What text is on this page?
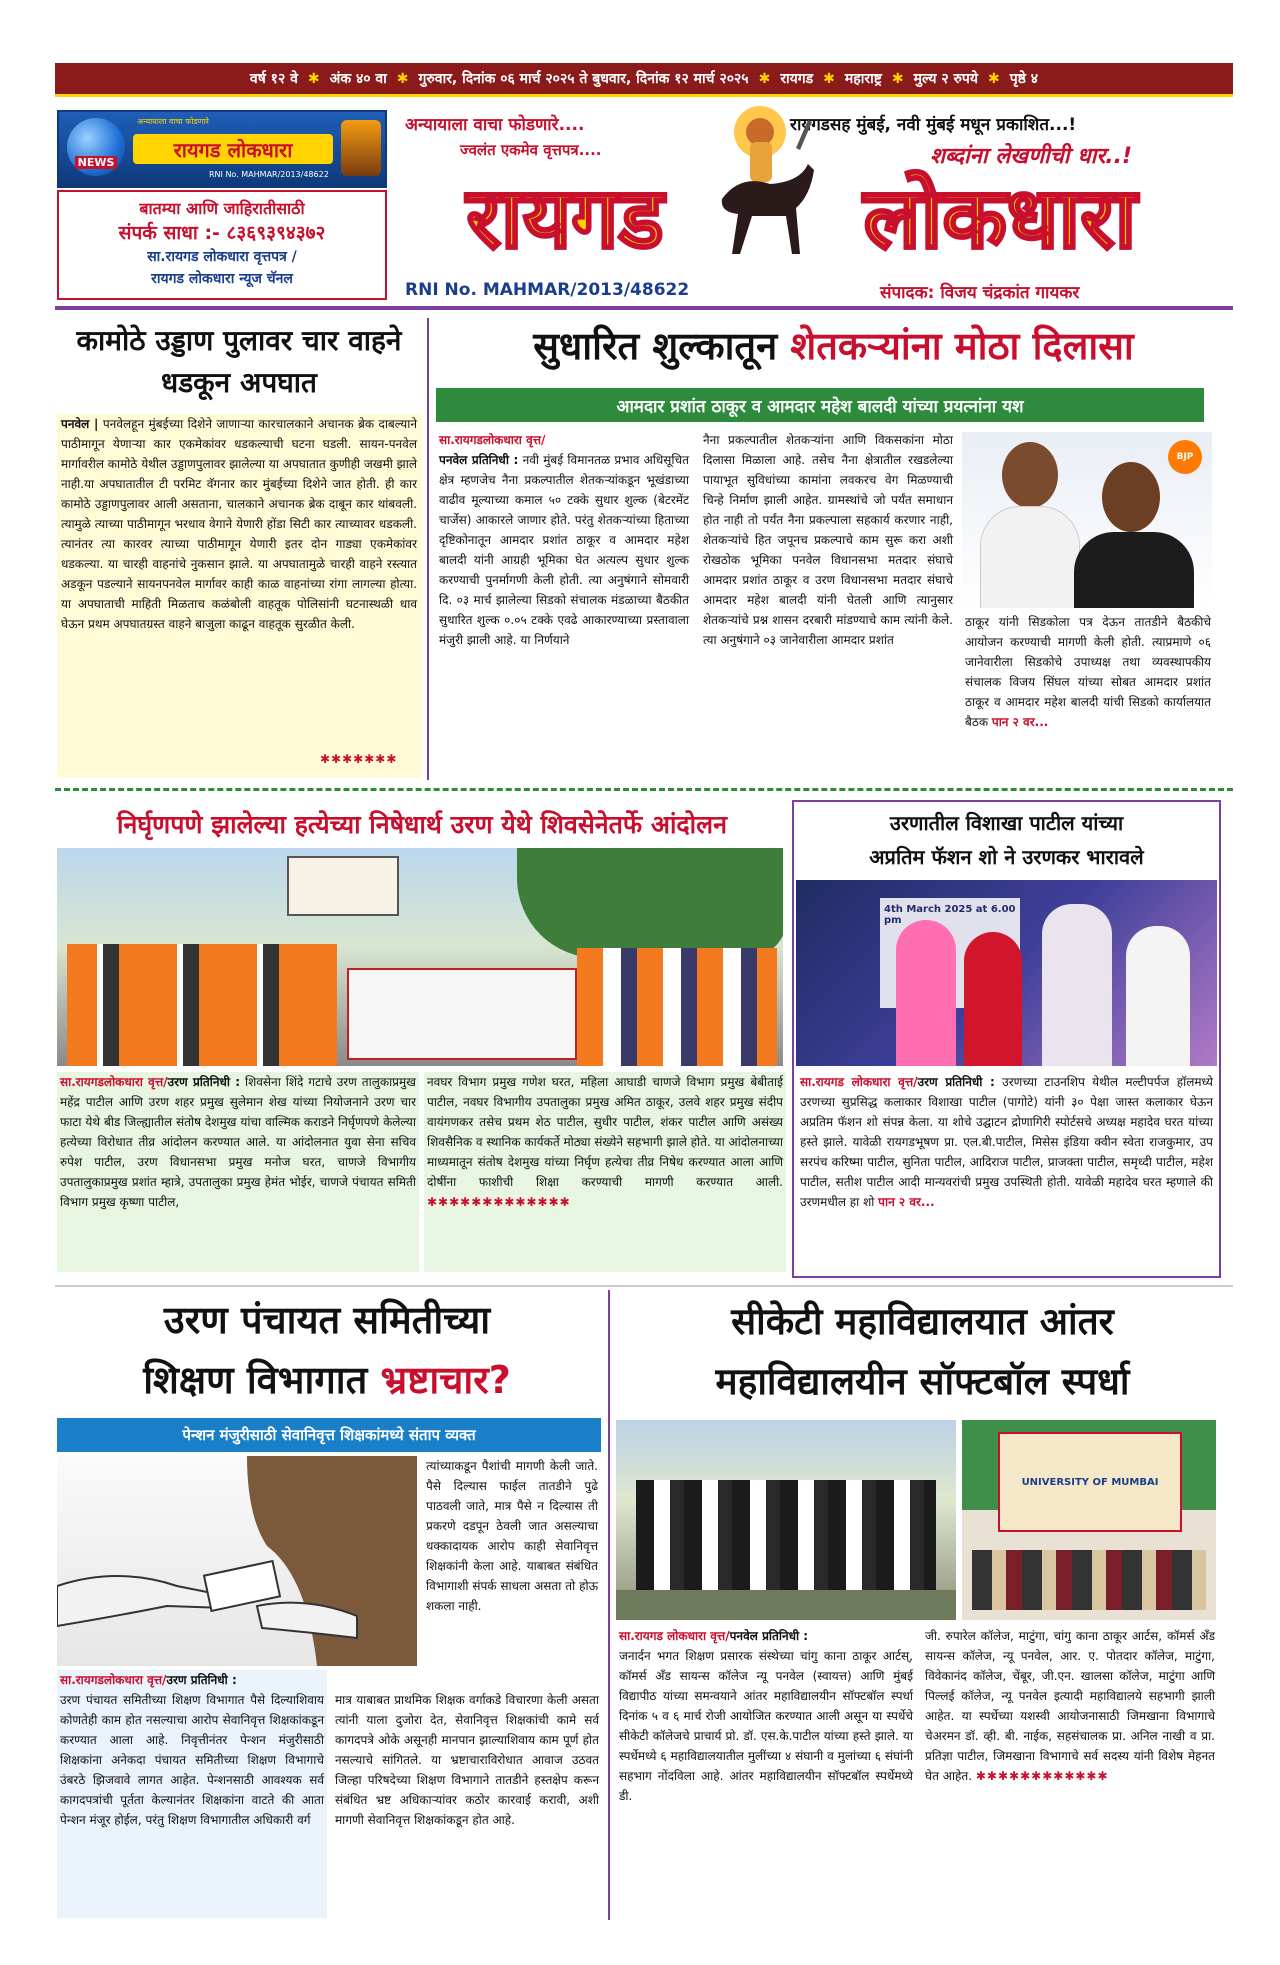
वर्ष १२ वे ✱ अंक ४० वा ✱ गुरुवार, दिनांक ०६ मार्च २०२५ ते बुधवार, दिनांक १२ मार्च २०२५ ✱ रायगड ✱ महाराष्ट्र ✱ मुल्य २ रुपये ✱ पृष्ठे ४
NEWS
अन्यायाला वाचा फोडणारे
रायगड लोकधारा
RNI No. MAHMAR/2013/48622
बातम्या आणि जाहिरातीसाठी
संपर्क साधा :- ८३६९३९४३७२
सा.रायगड लोकधारा वृत्तपत्र /
रायगड लोकधारा न्यूज चॅनल
अन्यायाला वाचा फोडणारे....
ज्वलंत एकमेव वृत्तपत्र....
रायगडसह मुंबई, नवी मुंबई मधून प्रकाशित...!
शब्दांना लेखणीची धार..!
रायगड	लोकधारा
RNI No. MAHMAR/2013/48622	संपादक: विजय चंद्रकांत गायकर
कामोठे उड्डाण पुलावर चार वाहने धडकून अपघात
पनवेल | पनवेलहून मुंबईच्या दिशेने जाणाऱ्या कारचालकाने अचानक ब्रेक दाबल्याने पाठीमागून येणाऱ्या कार एकमेकांवर धडकल्याची घटना घडली. सायन-पनवेल मार्गावरील कामोठे येथील उड्डाणपुलावर झालेल्या या अपघातात कुणीही जखमी झाले नाही.या अपघातातील टी परमिट वॅगनार कार मुंबईच्या दिशेने जात होती. ही कार कामोठे उड्डाणपुलावर आली असताना, चालकाने अचानक ब्रेक दाबून कार थांबवली. त्यामुळे त्याच्या पाठीमागून भरधाव वेगाने येणारी होंडा सिटी कार त्याच्यावर धडकली. त्यानंतर त्या कारवर त्याच्या पाठीमागून येणारी इतर दोन गाड्या एकमेकांवर धडकल्या. या चारही वाहनांचे नुकसान झाले. या अपघातामुळे चारही वाहने रस्त्यात अडकून पडल्याने सायनपनवेल मार्गावर काही काळ वाहनांच्या रांगा लागल्या होत्या. या अपघाताची माहिती मिळताच कळंबोली वाहतूक पोलिसांनी घटनास्थळी धाव घेऊन प्रथम अपघातग्रस्त वाहने बाजुला काढून वाहतूक सुरळीत केली.
✱✱✱✱✱✱✱
सुधारित शुल्कातून शेतकऱ्यांना मोठा दिलासा
आमदार प्रशांत ठाकूर व आमदार महेश बालदी यांच्या प्रयत्नांना यश
सा.रायगडलोकधारा वृत्त/
पनवेल प्रतिनिधी : नवी मुंबई विमानतळ प्रभाव अधिसूचित क्षेत्र म्हणजेच नैना प्रकल्पातील शेतकऱ्यांकडून भूखंडाच्या वाढीव मूल्याच्या कमाल ५० टक्के सुधार शुल्क (बेटरमेंट चार्जेस) आकारले जाणार होते. परंतु शेतकऱ्यांच्या हिताच्या दृष्टिकोनातून आमदार प्रशांत ठाकूर व आमदार महेश बालदी यांनी आग्रही भूमिका घेत अत्यल्प सुधार शुल्क करण्याची पुनर्मागणी केली होती. त्या अनुषंगाने सोमवारी दि. ०३ मार्च झालेल्या सिडको संचालक मंडळाच्या बैठकीत सुधारित शुल्क ०.०५ टक्के एवढे आकारण्याच्या प्रस्तावाला मंजुरी झाली आहे. या निर्णयाने
नैना प्रकल्पातील शेतकऱ्यांना आणि विकसकांना मोठा दिलासा मिळाला आहे. तसेच नैना क्षेत्रातील रखडलेल्या पायाभूत सुविधांच्या कामांना लवकरच वेग मिळण्याची चिन्हे निर्माण झाली आहेत. ग्रामस्थांचे जो पर्यंत समाधान होत नाही तो पर्यंत नैना प्रकल्पाला सहकार्य करणार नाही, शेतकऱ्यांचे हित जपूनच प्रकल्पाचे काम सुरू करा अशी रोखठोक भूमिका पनवेल विधानसभा मतदार संघाचे आमदार प्रशांत ठाकूर व उरण विधानसभा मतदार संघाचे आमदार महेश बालदी यांनी घेतली आणि त्यानुसार शेतकऱ्यांचे प्रश्न शासन दरबारी मांडण्याचे काम त्यांनी केले. त्या अनुषंगाने ०३ जानेवारीला आमदार प्रशांत
BJP
ठाकूर यांनी सिडकोला पत्र देऊन तातडीने बैठकीचे आयोजन करण्याची मागणी केली होती. त्याप्रमाणे ०६ जानेवारीला सिडकोचे उपाध्यक्ष तथा व्यवस्थापकीय संचालक विजय सिंघल यांच्या सोबत आमदार प्रशांत ठाकूर व आमदार महेश बालदी यांची सिडको कार्यालयात बैठक पान २ वर...
निर्घृणपणे झालेल्या हत्येच्या निषेधार्थ उरण येथे शिवसेनेतर्फे आंदोलन
सा.रायगडलोकधारा वृत्त/उरण प्रतिनिधी : शिवसेना शिंदे गटाचे उरण तालुकाप्रमुख महेंद्र पाटील आणि उरण शहर प्रमुख सुलेमान शेख यांच्या नियोजनाने उरण चार फाटा येथे बीड जिल्ह्यातील संतोष देशमुख यांचा वाल्मिक कराडने निर्घृणपणे केलेल्या हत्येच्या विरोधात तीव्र आंदोलन करण्यात आले. या आंदोलनात युवा सेना सचिव रुपेश पाटील, उरण विधानसभा प्रमुख मनोज घरत, चाणजे विभागीय उपतालुकाप्रमुख प्रशांत म्हात्रे, उपतालुका प्रमुख हेमंत भोईर, चाणजे पंचायत समिती विभाग प्रमुख कृष्णा पाटील,
नवघर विभाग प्रमुख गणेश घरत, महिला आघाडी चाणजे विभाग प्रमुख बेबीताई पाटील, नवघर विभागीय उपतालुका प्रमुख अमित ठाकूर, उलवे शहर प्रमुख संदीप वायंगणकर तसेच प्रथम शेठ पाटील, सुधीर पाटील, शंकर पाटील आणि असंख्य शिवसैनिक व स्थानिक कार्यकर्ते मोठ्या संख्येने सहभागी झाले होते. या आंदोलनाच्या माध्यमातून संतोष देशमुख यांच्या निर्घृण हत्येचा तीव्र निषेध करण्यात आला आणि दोषींना फाशीची शिक्षा करण्याची मागणी करण्यात आली. ✱✱✱✱✱✱✱✱✱✱✱✱✱
उरणातील विशाखा पाटील यांच्या
अप्रतिम फॅशन शो ने उरणकर भारावले
4th March 2025 at 6.00 pm
सा.रायगड लोकधारा वृत्त/उरण प्रतिनिधी : उरणच्या टाउनशिप येथील मल्टीपर्पज हॉलमध्ये उरणच्या सुप्रसिद्ध कलाकार विशाखा पाटील (पागोटे) यांनी ३० पेक्षा जास्त कलाकार घेऊन अप्रतिम फॅशन शो संपन्न केला. या शोचे उद्घाटन द्रोणागिरी स्पोर्टसचे अध्यक्ष महादेव घरत यांच्या हस्ते झाले. यावेळी रायगडभूषण प्रा. एल.बी.पाटील, मिसेस इंडिया क्वीन स्वेता राजकुमार, उप सरपंच करिष्मा पाटील, सुनिता पाटील, आदिराज पाटील, प्राजक्ता पाटील, समृध्दी पाटील, महेश पाटील, सतीश पाटील आदी मान्यवरांची प्रमुख उपस्थिती होती. यावेळी महादेव घरत म्हणाले की उरणमधील हा शो पान २ वर...
उरण पंचायत समितीच्या
शिक्षण विभागात भ्रष्टाचार?
पेन्शन मंजुरीसाठी सेवानिवृत्त शिक्षकांमध्ये संताप व्यक्त
त्यांच्याकडून पैशांची मागणी केली जाते. पैसे दिल्यास फाईल तातडीने पुढे पाठवली जाते, मात्र पैसे न दिल्यास ती प्रकरणे दडपून ठेवली जात असल्याचा धक्कादायक आरोप काही सेवानिवृत्त शिक्षकांनी केला आहे. याबाबत संबंधित विभागाशी संपर्क साधला असता तो होऊ शकला नाही.
सा.रायगडलोकधारा वृत्त/उरण प्रतिनिधी :
उरण पंचायत समितीच्या शिक्षण विभागात पैसे दिल्याशिवाय कोणतेही काम होत नसल्याचा आरोप सेवानिवृत्त शिक्षकांकडून करण्यात आला आहे. निवृत्तीनंतर पेन्शन मंजुरीसाठी शिक्षकांना अनेकदा पंचायत समितीच्या शिक्षण विभागाचे उंबरठे झिजवावे लागत आहेत. पेन्शनसाठी आवश्यक सर्व कागदपत्रांची पूर्तता केल्यानंतर शिक्षकांना वाटते की आता पेन्शन मंजूर होईल, परंतु शिक्षण विभागातील अधिकारी वर्ग
मात्र याबाबत प्राथमिक शिक्षक वर्गाकडे विचारणा केली असता त्यांनी याला दुजोरा देत, सेवानिवृत्त शिक्षकांची कामे सर्व कागदपत्रे ओके असूनही मानपान झाल्याशिवाय काम पूर्ण होत नसल्याचे सांगितले. या भ्रष्टाचाराविरोधात आवाज उठवत जिल्हा परिषदेच्या शिक्षण विभागाने तातडीने हस्तक्षेप करून संबंधित भ्रष्ट अधिकाऱ्यांवर कठोर कारवाई करावी, अशी मागणी सेवानिवृत्त शिक्षकांकडून होत आहे.
सीकेटी महाविद्यालयात आंतर
महाविद्यालयीन सॉफ्टबॉल स्पर्धा
UNIVERSITY OF MUMBAI
सा.रायगड लोकधारा वृत्त/पनवेल प्रतिनिधी :
जनार्दन भगत शिक्षण प्रसारक संस्थेच्या चांगु काना ठाकूर आर्टस्, कॉमर्स अँड सायन्स कॉलेज न्यू पनवेल (स्वायत्त) आणि मुंबई विद्यापीठ यांच्या समन्वयाने आंतर महाविद्यालयीन सॉफ्टबॉल स्पर्धा दिनांक ५ व ६ मार्च रोजी आयोजित करण्यात आली असून या स्पर्धेचे सीकेटी कॉलेजचे प्राचार्य प्रो. डॉ. एस.के.पाटील यांच्या हस्ते झाले. या स्पर्धेमध्ये ६ महाविद्यालयातील मुलींच्या ४ संघानी व मुलांच्या ६ संघांनी सहभाग नोंदविला आहे. आंतर महाविद्यालयीन सॉफ्टबॉल स्पर्धेमध्ये डी.
जी. रुपारेल कॉलेज, माटुंगा, चांगु काना ठाकूर आर्टस, कॉमर्स अँड सायन्स कॉलेज, न्यू पनवेल, आर. ए. पोतदार कॉलेज, माटुंगा, विवेकानंद कॉलेज, चेंबूर, जी.एन. खालसा कॉलेज, माटुंगा आणि पिल्लई कॉलेज, न्यू पनवेल इत्यादी महाविद्यालये सहभागी झाली आहेत. या स्पर्धेच्या यशस्वी आयोजनासाठी जिमखाना विभागाचे चेअरमन डॉ. व्ही. बी. नाईक, सहसंचालक प्रा. अनिल नाखी व प्रा. प्रतिज्ञा पाटील, जिमखाना विभागाचे सर्व सदस्य यांनी विशेष मेहनत घेत आहेत. ✱✱✱✱✱✱✱✱✱✱✱✱
